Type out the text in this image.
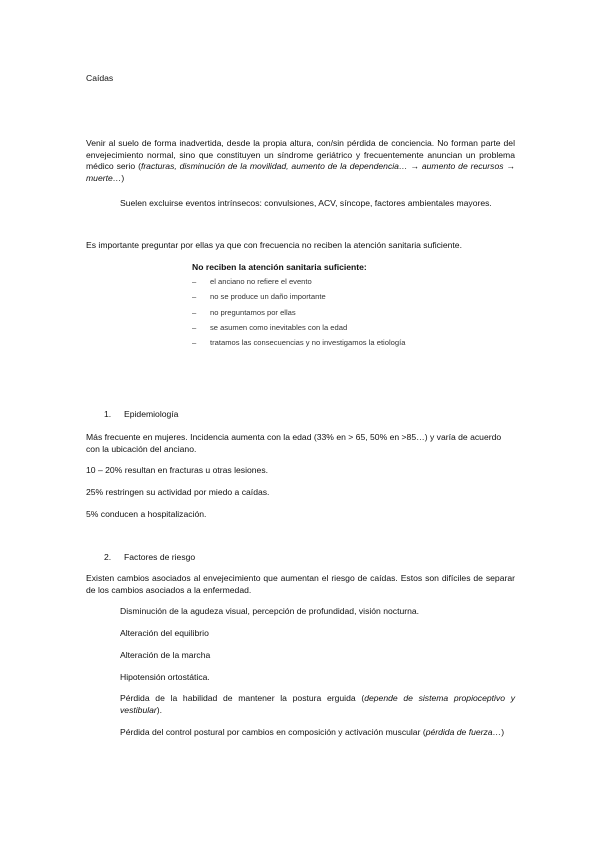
Caídas

Venir al suelo de forma inadvertida, desde la propia altura, con/sin pérdida de conciencia. No forman parte del envejecimiento normal, sino que constituyen un síndrome geriátrico y frecuentemente anuncian un problema médico serio (fracturas, disminución de la movilidad, aumento de la dependencia… → aumento de recursos → muerte…)

Suelen excluirse eventos intrínsecos: convulsiones, ACV, síncope, factores ambientales mayores.

Es importante preguntar por ellas ya que con frecuencia no reciben la atención sanitaria suficiente.

No reciben la atención sanitaria suficiente:

– el anciano no refiere el evento
– no se produce un daño importante
– no preguntamos por ellas
– se asumen como inevitables con la edad
– tratamos las consecuencias y no investigamos la etiología

1. Epidemiología

Más frecuente en mujeres. Incidencia aumenta con la edad (33% en > 65, 50% en >85…) y varía de acuerdo con la ubicación del anciano.

10 – 20% resultan en fracturas u otras lesiones.

25% restringen su actividad por miedo a caídas.

5% conducen a hospitalización.

2. Factores de riesgo

Existen cambios asociados al envejecimiento que aumentan el riesgo de caídas. Estos son difíciles de separar de los cambios asociados a la enfermedad.

Disminución de la agudeza visual, percepción de profundidad, visión nocturna.

Alteración del equilibrio

Alteración de la marcha

Hipotensión ortostática.

Pérdida de la habilidad de mantener la postura erguida (depende de sistema propioceptivo y vestibular).

Pérdida del control postural por cambios en composición y activación muscular (pérdida de fuerza…)
